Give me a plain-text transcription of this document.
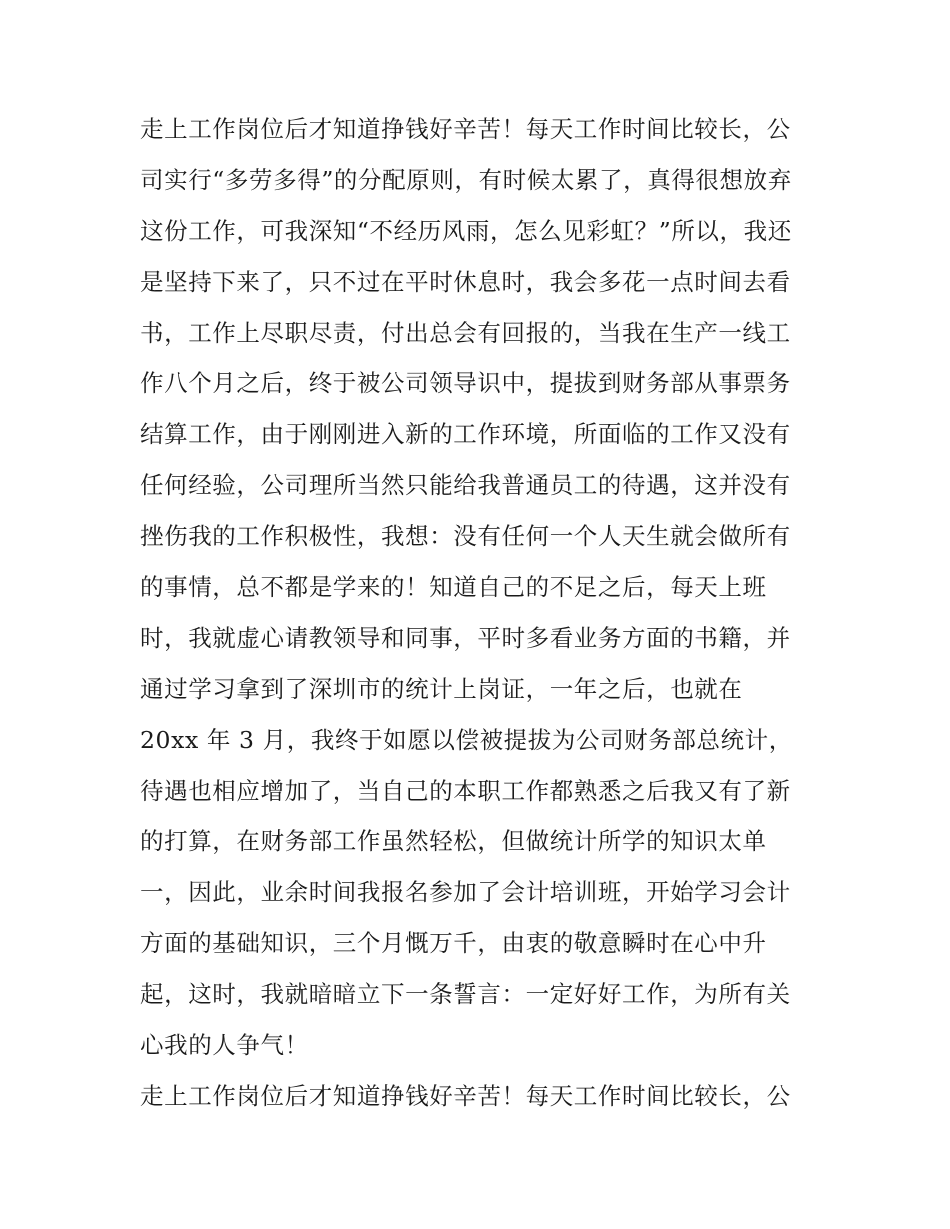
走上工作岗位后才知道挣钱好辛苦！每天工作时间比较长，公
司实行“多劳多得”的分配原则，有时候太累了，真得很想放弃
这份工作，可我深知“不经历风雨，怎么见彩虹？”所以，我还
是坚持下来了，只不过在平时休息时，我会多花一点时间去看
书，工作上尽职尽责，付出总会有回报的，当我在生产一线工
作八个月之后，终于被公司领导识中，提拔到财务部从事票务
结算工作，由于刚刚进入新的工作环境，所面临的工作又没有
任何经验，公司理所当然只能给我普通员工的待遇，这并没有
挫伤我的工作积极性，我想：没有任何一个人天生就会做所有
的事情，总不都是学来的！知道自己的不足之后，每天上班
时，我就虚心请教领导和同事，平时多看业务方面的书籍，并
通过学习拿到了深圳市的统计上岗证，一年之后，也就在
20xx 年 3 月，我终于如愿以偿被提拔为公司财务部总统计，
待遇也相应增加了，当自己的本职工作都熟悉之后我又有了新
的打算，在财务部工作虽然轻松，但做统计所学的知识太单
一，因此，业余时间我报名参加了会计培训班，开始学习会计
方面的基础知识，三个月慨万千，由衷的敬意瞬时在心中升
起，这时，我就暗暗立下一条誓言：一定好好工作，为所有关
心我的人争气！
走上工作岗位后才知道挣钱好辛苦！每天工作时间比较长，公
